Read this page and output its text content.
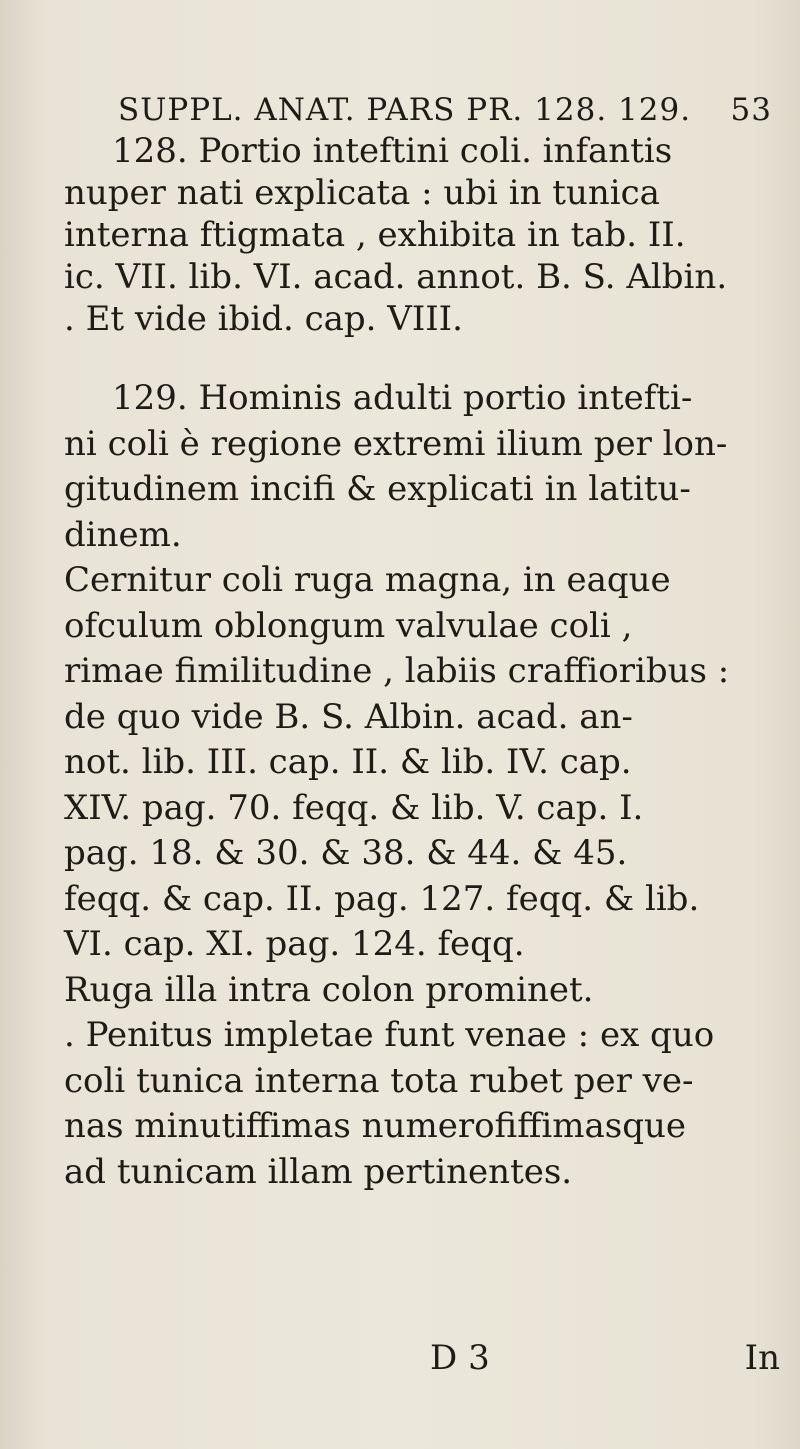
SUPPL. ANAT. PARS PR. 128. 129. 53
128. Portio inteftini coli. infantis
nuper nati explicata : ubi in tunica
interna ftigmata , exhibita in tab. II.
ic. VII. lib. VI. acad. annot. B. S. Albin.
. Et vide ibid. cap. VIII.
129. Hominis adulti portio intefti-
ni coli è regione extremi ilium per lon-
gitudinem incifi & explicati in latitu-
dinem.
Cernitur coli ruga magna, in eaque
ofculum oblongum valvulae coli ,
rimae fimilitudine , labiis craffioribus :
de quo vide B. S. Albin. acad. an-
not. lib. III. cap. II. & lib. IV. cap.
XIV. pag. 70. feqq. & lib. V. cap. I.
pag. 18. & 30. & 38. & 44. & 45.
feqq. & cap. II. pag. 127. feqq. & lib.
VI. cap. XI. pag. 124. feqq.
Ruga illa intra colon prominet.
. Penitus impletae funt venae : ex quo
coli tunica interna tota rubet per ve-
nas minutiffimas numerofiffimasque
ad tunicam illam pertinentes.
D 3	In
